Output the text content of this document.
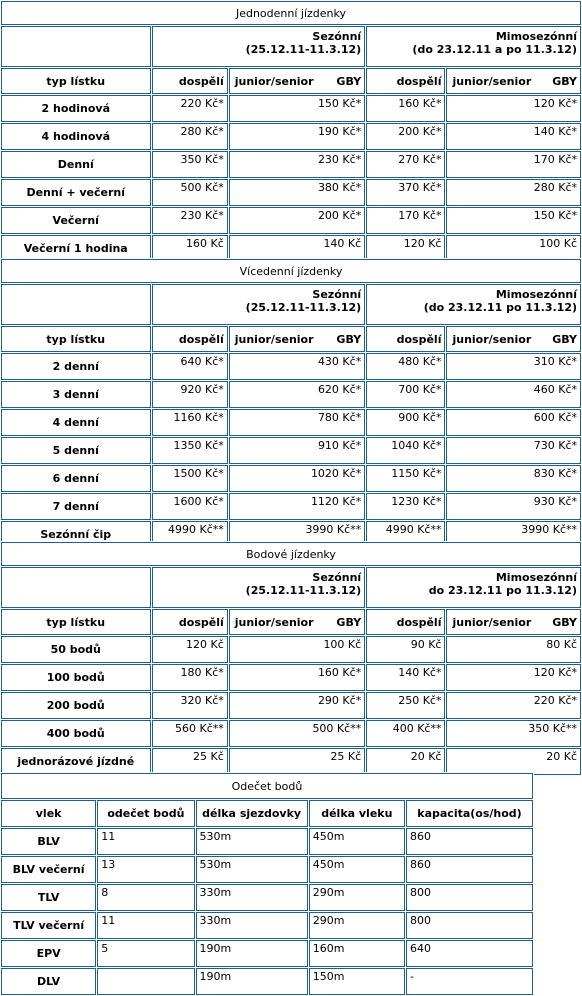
Jednodenní jízdenky				
	Sezónní
(25.12.11-11.3.12)		Mimosezónní
(do 23.12.11 a po 11.3.12)	
typ lístku	dospělí	junior/senior GBY	dospělí	junior/senior GBY

2 hodinová	220 Kč*	150 Kč*	160 Kč*	120 Kč*
4 hodinová	280 Kč*	190 Kč*	200 Kč*	140 Kč*
Denní	350 Kč*	230 Kč*	270 Kč*	170 Kč*
Denní + večerní	500 Kč*	380 Kč*	370 Kč*	280 Kč*
Večerní	230 Kč*	200 Kč*	170 Kč*	150 Kč*
Večerní 1 hodina	160 Kč	140 Kč	120 Kč	100 Kč
Vícedenní jízdenky				
	Sezónní
(25.12.11-11.3.12)		Mimosezónní
(do 23.12.11 po 11.3.12)	
typ lístku	dospělí	junior/senior GBY	dospělí	junior/senior GBY

2 denní	640 Kč*	430 Kč*	480 Kč*	310 Kč*
3 denní	920 Kč*	620 Kč*	700 Kč*	460 Kč*
4 denní	1160 Kč*	780 Kč*	900 Kč*	600 Kč*
5 denní	1350 Kč*	910 Kč*	1040 Kč*	730 Kč*
6 denní	1500 Kč*	1020 Kč*	1150 Kč*	830 Kč*
7 denní	1600 Kč*	1120 Kč*	1230 Kč*	930 Kč*
Sezónní čip	4990 Kč**	3990 Kč**	4990 Kč**	3990 Kč**
Bodové jízdenky				
	Sezónní
(25.12.11-11.3.12)		Mimosezónní
do 23.12.11 po 11.3.12)	
typ lístku	dospělí	junior/senior GBY	dospělí	junior/senior GBY

50 bodů	120 Kč	100 Kč	90 Kč	80 Kč
100 bodů	180 Kč*	160 Kč*	140 Kč*	120 Kč*
200 bodů	320 Kč*	290 Kč*	250 Kč*	220 Kč*
400 bodů	560 Kč**	500 Kč**	400 Kč**	350 Kč**
jednorázové jízdné	25 Kč	25 Kč	20 Kč	20 Kč
Odečet bodů				
vlek	odečet bodů	délka sjezdovky	délka vleku	kapacita(os/hod)
BLV	11	530m	450m	860
BLV večerní	13	530m	450m	860
TLV	8	330m	290m	800
TLV večerní	11	330m	290m	800
EPV	5	190m	160m	640
DLV		190m	150m	-
